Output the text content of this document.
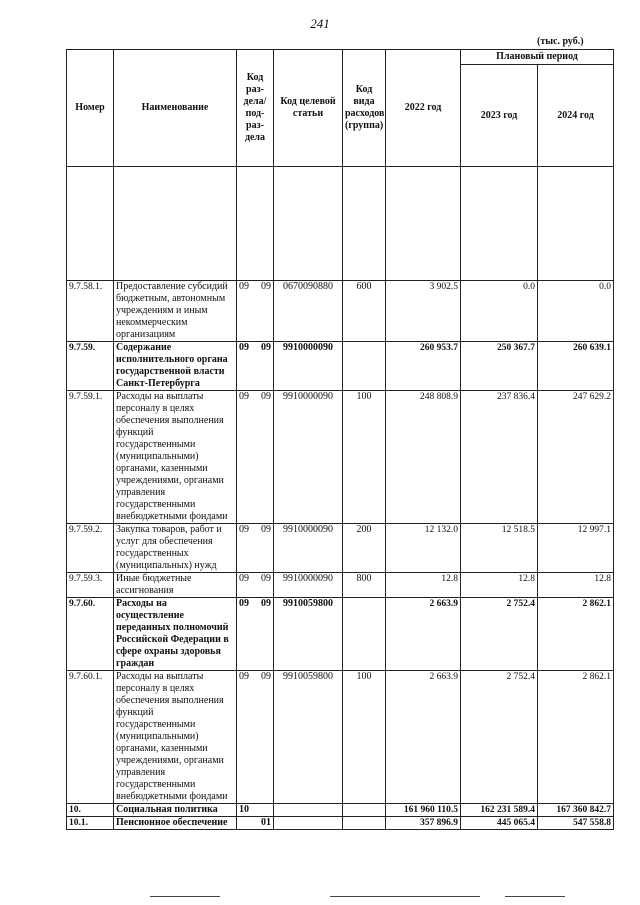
241
(тыс. руб.)
Номер	Наименование	Код раз-дела/ под-раз-дела	Код целевой статьи	Код вида расходов (группа)	2022 год	Плановый период	
						2023 год	2024 год

9.7.58.1.	Предоставление субсидий бюджетным, автономным учреждениям и иным некоммерческим организациям	09 09	0670090880	600	3 902.5	0.0	0.0
9.7.59.	Содержание исполнительного органа государственной власти Санкт-Петербурга	09 09	9910000090		260 953.7	250 367.7	260 639.1
9.7.59.1.	Расходы на выплаты персоналу в целях обеспечения выполнения функций государственными (муниципальными) органами, казенными учреждениями, органами управления государственными внебюджетными фондами	09 09	9910000090	100	248 808.9	237 836.4	247 629.2
9.7.59.2.	Закупка товаров, работ и услуг для обеспечения государственных (муниципальных) нужд	09 09	9910000090	200	12 132.0	12 518.5	12 997.1
9.7.59.3.	Иные бюджетные ассигнования	09 09	9910000090	800	12.8	12.8	12.8
9.7.60.	Расходы на осуществление переданных полномочий Российской Федерации в сфере охраны здоровья граждан	09 09	9910059800		2 663.9	2 752.4	2 862.1
9.7.60.1.	Расходы на выплаты персоналу в целях обеспечения выполнения функций государственными (муниципальными) органами, казенными учреждениями, органами управления государственными внебюджетными фондами	09 09	9910059800	100	2 663.9	2 752.4	2 862.1
10.	Социальная политика	10			161 960 110.5	162 231 589.4	167 360 842.7
10.1.	Пенсионное обеспечение	01			357 896.9	445 065.4	547 558.8
